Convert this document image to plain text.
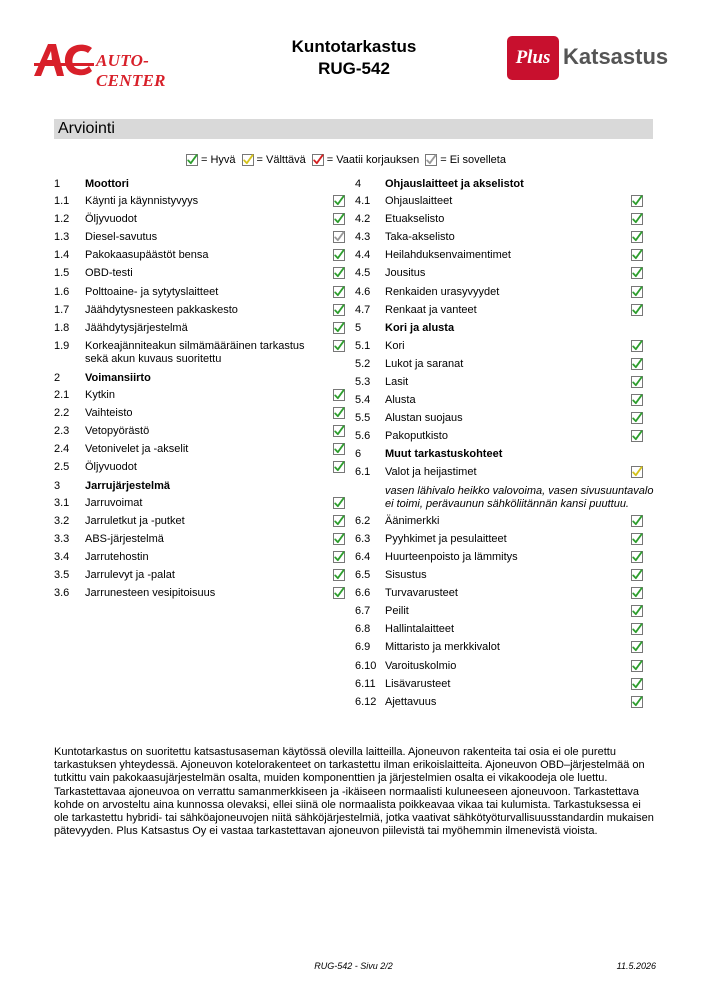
AUTO-CENTER
Kuntotarkastus
RUG-542
Plus Katsastus
Arviointi
= Hyvä = Välttävä = Vaatii korjauksen = Ei sovelleta
1 Moottori
1.1 Käynti ja käynnistyvyys
1.2 Öljyvuodot
1.3 Diesel-savutus
1.4 Pakokaasupäästöt bensa
1.5 OBD-testi
1.6 Polttoaine- ja sytytyslaitteet
1.7 Jäähdytysnesteen pakkaskesto
1.8 Jäähdytysjärjestelmä
1.9 Korkeajänniteakun silmämääräinen tarkastus sekä akun kuvaus suoritettu
2 Voimansiirto
2.1 Kytkin
2.2 Vaihteisto
2.3 Vetopyörästö
2.4 Vetonivelet ja -akselit
2.5 Öljyvuodot
3 Jarrujärjestelmä
3.1 Jarruvoimat
3.2 Jarruletkut ja -putket
3.3 ABS-järjestelmä
3.4 Jarrutehostin
3.5 Jarrulevyt ja -palat
3.6 Jarrunesteen vesipitoisuus
4 Ohjauslaitteet ja akselistot
4.1 Ohjauslaitteet
4.2 Etuakselisto
4.3 Taka-akselisto
4.4 Heilahduksenvaimentimet
4.5 Jousitus
4.6 Renkaiden urasyvyydet
4.7 Renkaat ja vanteet
5 Kori ja alusta
5.1 Kori
5.2 Lukot ja saranat
5.3 Lasit
5.4 Alusta
5.5 Alustan suojaus
5.6 Pakoputkisto
6 Muut tarkastuskohteet
6.1 Valot ja heijastimet
6.2 Äänimerkki
6.3 Pyyhkimet ja pesulaitteet
6.4 Huurteenpoisto ja lämmitys
6.5 Sisustus
6.6 Turvavarusteet
6.7 Peilit
6.8 Hallintalaitteet
6.9 Mittaristo ja merkkivalot
6.10 Varoituskolmio
6.11 Lisävarusteet
6.12 Ajettavuus
vasen lähivalo heikko valovoima, vasen sivusuuntavalo ei toimi, perävaunun sähköliitännän kansi puuttuu.
Kuntotarkastus on suoritettu katsastusaseman käytössä olevilla laitteilla. Ajoneuvon rakenteita tai osia ei ole purettu tarkastuksen yhteydessä. Ajoneuvon kotelorakenteet on tarkastettu ilman erikoislaitteita. Ajoneuvon OBD–järjestelmää on tutkittu vain pakokaasujärjestelmän osalta, muiden komponenttien ja järjestelmien osalta ei vikakoodeja ole luettu. Tarkastettavaa ajoneuvoa on verrattu samanmerkkiseen ja -ikäiseen normaalisti kuluneeseen ajoneuvoon. Tarkastettava kohde on arvosteltu aina kunnossa olevaksi, ellei siinä ole normaalista poikkeavaa vikaa tai kulumista. Tarkastuksessa ei ole tarkastettu hybridi- tai sähköajoneuvojen niitä sähköjärjestelmiä, jotka vaativat sähkötyöturvallisuusstandardin mukaisen pätevyyden. Plus Katsastus Oy ei vastaa tarkastettavan ajoneuvon piilevistä tai myöhemmin ilmenevistä vioista.
RUG-542 - Sivu 2/2	11.5.2026
